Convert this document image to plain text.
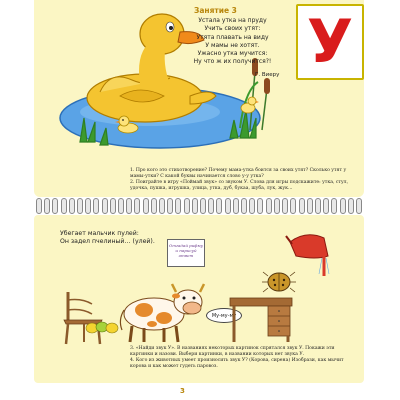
Занятие 3
Устала утка на пруду
Учить своих утят:
Утята плавать на виду
У мамы не хотят.
Ужасно утка мучится:
Ну что ж их получится?!
Г. Виеру У

1. Про кого это стихотворение? Почему мама-утка боится за своих утят? Сколько утят у мамы-утки? С какой буквы начинается слово у-у утка?

2. Поиграйте в игру «Поймай звук» со звуком У. Слова для игры подскажите: утка, стул, удочка, пушка, игрушка, улица, утка, дуб, букаа, шуба, лук, жук...

Убегает мальчик пулей:
Он задел пчелиный… (улей).
Отгадай рифму и нарисуй ответ
Му-му-му

3. «Найди звук У». В названиях некоторых картинок спрятался звук У. Покажи эти картинки и назови. Выбери картинки, в названии которых нет звука У.

4. Кого из животных умеет произносить звук У? (Корова, сирена) Изобрази, как мычит корова и как может гудеть паровоз.

3
